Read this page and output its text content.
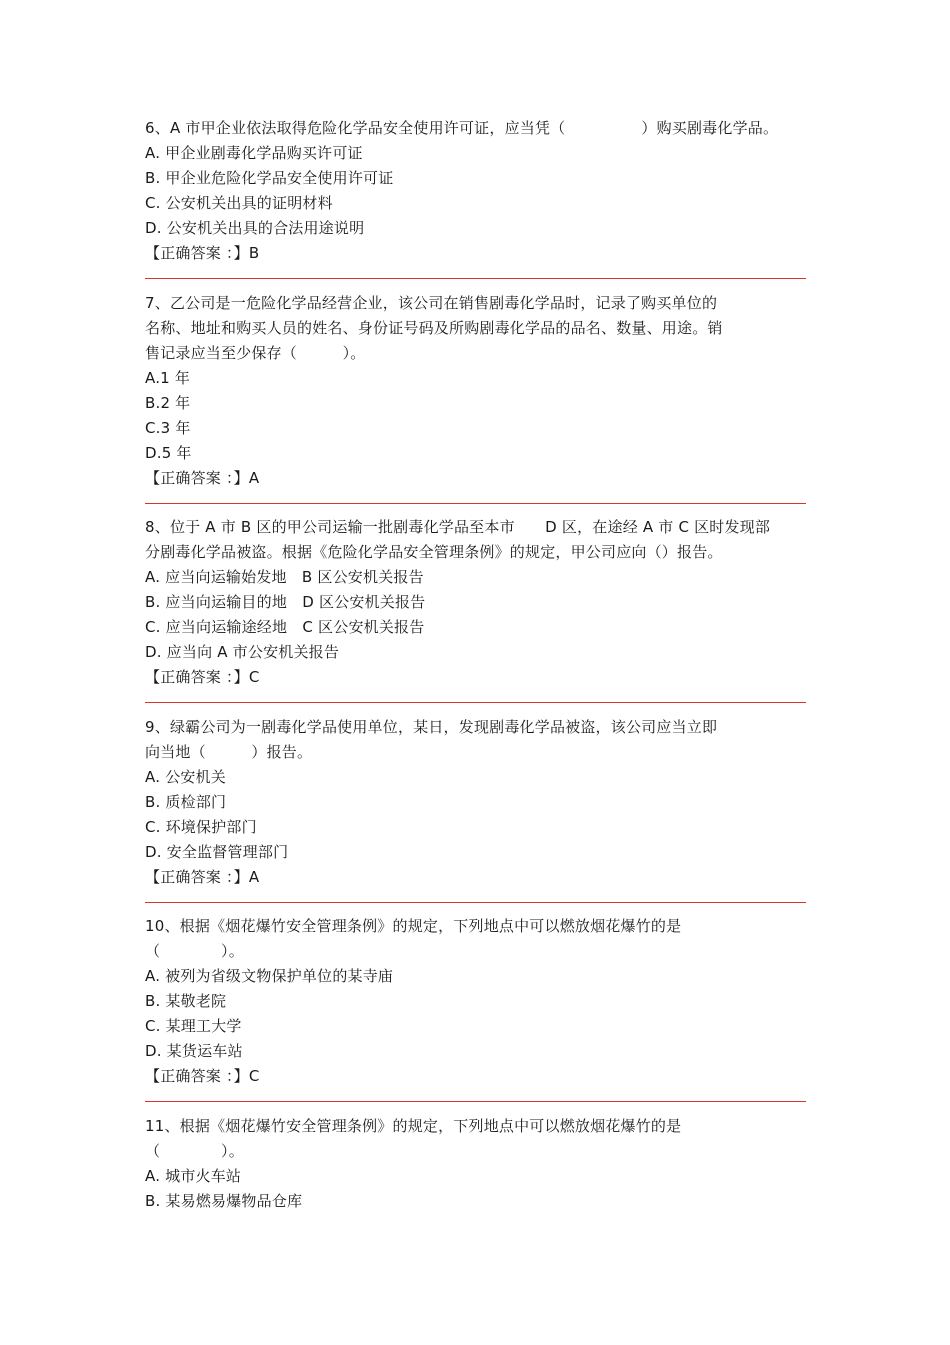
6、A 市甲企业依法取得危险化学品安全使用许可证，应当凭（　　　　　）购买剧毒化学品。
A. 甲企业剧毒化学品购买许可证
B. 甲企业危险化学品安全使用许可证
C. 公安机关出具的证明材料
D. 公安机关出具的合法用途说明
【正确答案 ：】B
7、乙公司是一危险化学品经营企业，该公司在销售剧毒化学品时，记录了购买单位的
名称、地址和购买人员的姓名、身份证号码及所购剧毒化学品的品名、数量、用途。销
售记录应当至少保存（　　　）。
A.1 年
B.2 年
C.3 年
D.5 年
【正确答案 ：】A
8、位于 A 市 B 区的甲公司运输一批剧毒化学品至本市　　D 区，在途经 A 市 C 区时发现部
分剧毒化学品被盗。根据《危险化学品安全管理条例》的规定，甲公司应向（）报告。
A. 应当向运输始发地　B 区公安机关报告
B. 应当向运输目的地　D 区公安机关报告
C. 应当向运输途经地　C 区公安机关报告
D. 应当向 A 市公安机关报告
【正确答案 ：】C
9、绿霸公司为一剧毒化学品使用单位，某日，发现剧毒化学品被盗，该公司应当立即
向当地（　　　）报告。
A. 公安机关
B. 质检部门
C. 环境保护部门
D. 安全监督管理部门
【正确答案 ：】A
10、根据《烟花爆竹安全管理条例》的规定，下列地点中可以燃放烟花爆竹的是
（　　　　）。
A. 被列为省级文物保护单位的某寺庙
B. 某敬老院
C. 某理工大学
D. 某货运车站
【正确答案 ：】C
11、根据《烟花爆竹安全管理条例》的规定，下列地点中可以燃放烟花爆竹的是
（　　　　）。
A. 城市火车站
B. 某易燃易爆物品仓库
